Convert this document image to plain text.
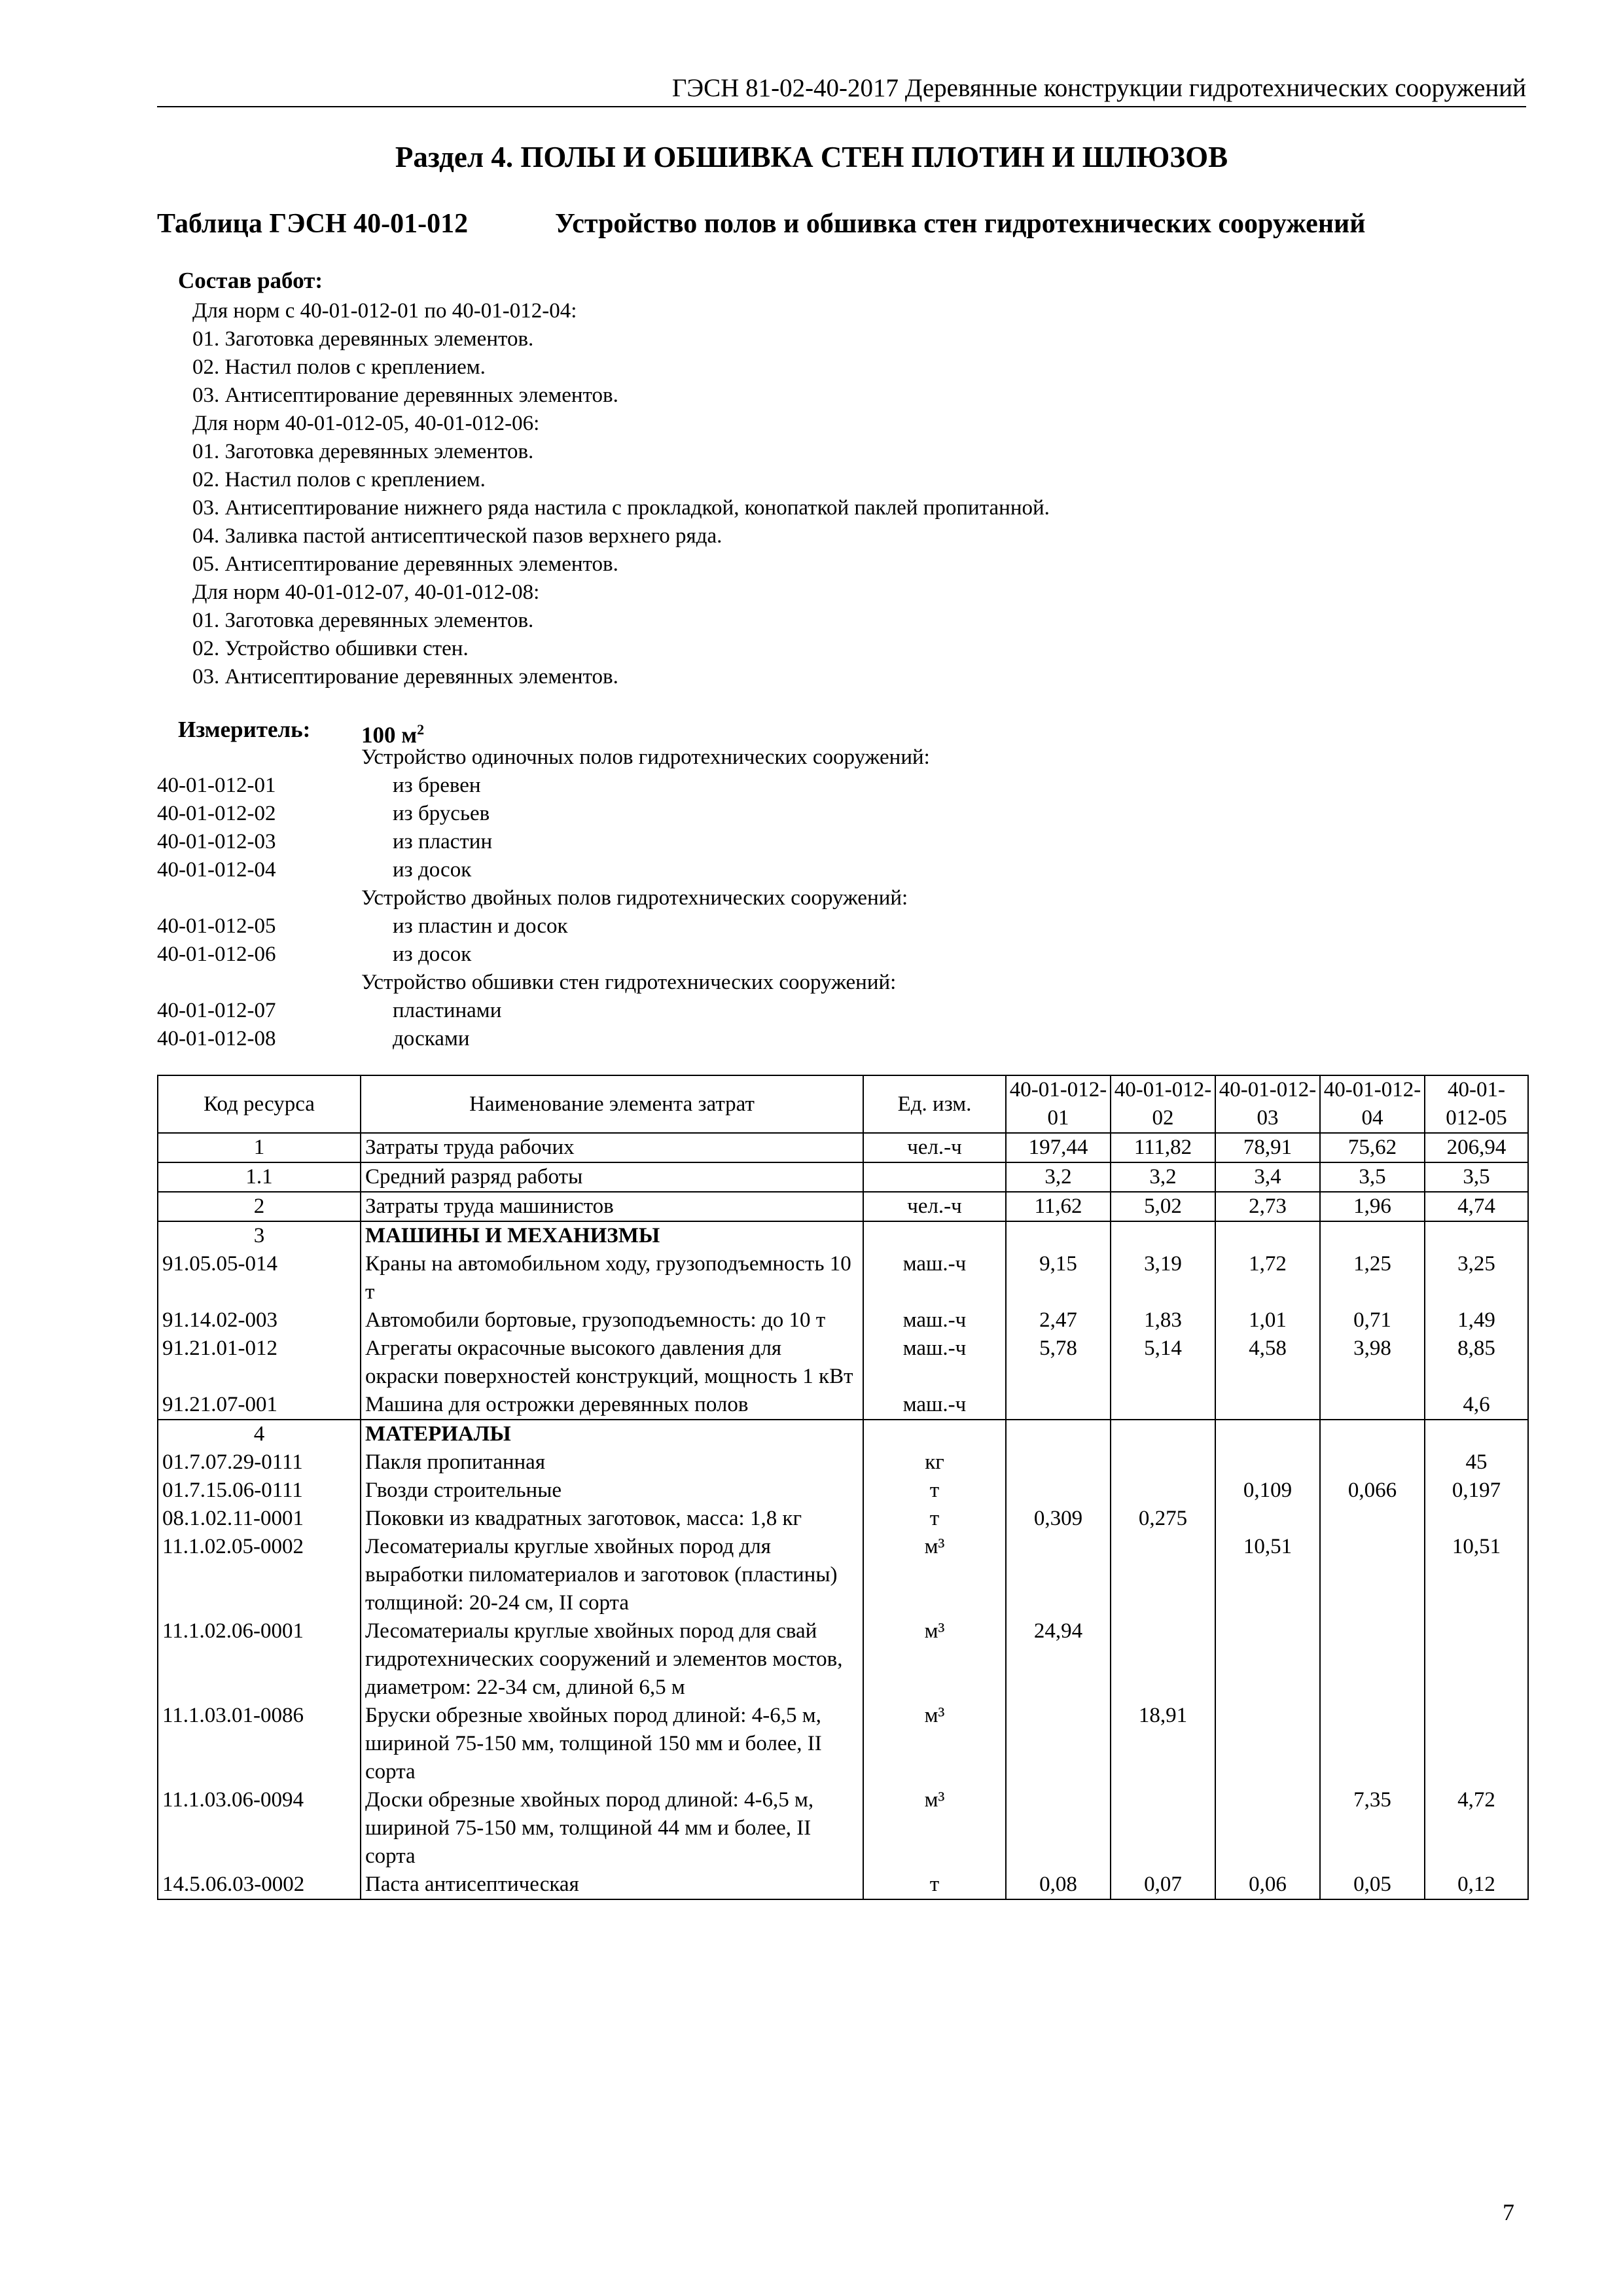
ГЭСН 81-02-40-2017 Деревянные конструкции гидротехнических сооружений
Раздел 4. ПОЛЫ И ОБШИВКА СТЕН ПЛОТИН И ШЛЮЗОВ
Таблица ГЭСН 40-01-012	Устройство полов и обшивка стен гидротехнических сооружений
Состав работ:
Для норм с 40-01-012-01 по 40-01-012-04:
01. Заготовка деревянных элементов.
02. Настил полов с креплением.
03. Антисептирование деревянных элементов.
Для норм 40-01-012-05, 40-01-012-06:
01. Заготовка деревянных элементов.
02. Настил полов с креплением.
03. Антисептирование нижнего ряда настила с прокладкой, конопаткой паклей пропитанной.
04. Заливка пастой антисептической пазов верхнего ряда.
05. Антисептирование деревянных элементов.
Для норм 40-01-012-07, 40-01-012-08:
01. Заготовка деревянных элементов.
02. Устройство обшивки стен.
03. Антисептирование деревянных элементов.
Измеритель: 100 $м^2$
Устройство одиночных полов гидротехнических сооружений:
40-01-012-01	из бревен
40-01-012-02	из брусьев
40-01-012-03	из пластин
40-01-012-04	из досок
Устройство двойных полов гидротехнических сооружений:
40-01-012-05	из пластин и досок
40-01-012-06	из досок
Устройство обшивки стен гидротехнических сооружений:
40-01-012-07	пластинами
40-01-012-08	досками
Код ресурса	Наименование элемента затрат	Ед. изм.	40-01-012-01	40-01-012-02	40-01-012-03	40-01-012-04	40-01-012-05
1	Затраты труда рабочих	чел.-ч	197,44	111,82	78,91	75,62	206,94
1.1	Средний разряд работы		3,2	3,2	3,4	3,5	3,5
2	Затраты труда машинистов	чел.-ч	11,62	5,02	2,73	1,96	4,74
3	МАШИНЫ И МЕХАНИЗМЫ						
91.05.05-014	Краны на автомобильном ходу, грузоподъемность 10 т	маш.-ч	9,15	3,19	1,72	1,25	3,25
91.14.02-003	Автомобили бортовые, грузоподъемность: до 10 т	маш.-ч	2,47	1,83	1,01	0,71	1,49
91.21.01-012	Агрегаты окрасочные высокого давления для окраски поверхностей конструкций, мощность 1 кВт	маш.-ч	5,78	5,14	4,58	3,98	8,85
91.21.07-001	Машина для острожки деревянных полов	маш.-ч					4,6
4	МАТЕРИАЛЫ						
01.7.07.29-0111	Пакля пропитанная	кг					45
01.7.15.06-0111	Гвозди строительные	т			0,109	0,066	0,197
08.1.02.11-0001	Поковки из квадратных заготовок, масса: 1,8 кг	т	0,309	0,275			
11.1.02.05-0002	Лесоматериалы круглые хвойных пород для выработки пиломатериалов и заготовок (пластины) толщиной: 20-24 см, II сорта	м³			10,51		10,51
11.1.02.06-0001	Лесоматериалы круглые хвойных пород для свай гидротехнических сооружений и элементов мостов, диаметром: 22-34 см, длиной 6,5 м	м³	24,94				
11.1.03.01-0086	Бруски обрезные хвойных пород длиной: 4-6,5 м, шириной 75-150 мм, толщиной 150 мм и более, II сорта	м³		18,91			
11.1.03.06-0094	Доски обрезные хвойных пород длиной: 4-6,5 м, шириной 75-150 мм, толщиной 44 мм и более, II сорта	м³				7,35	4,72
14.5.06.03-0002	Паста антисептическая	т	0,08	0,07	0,06	0,05	0,12
7
